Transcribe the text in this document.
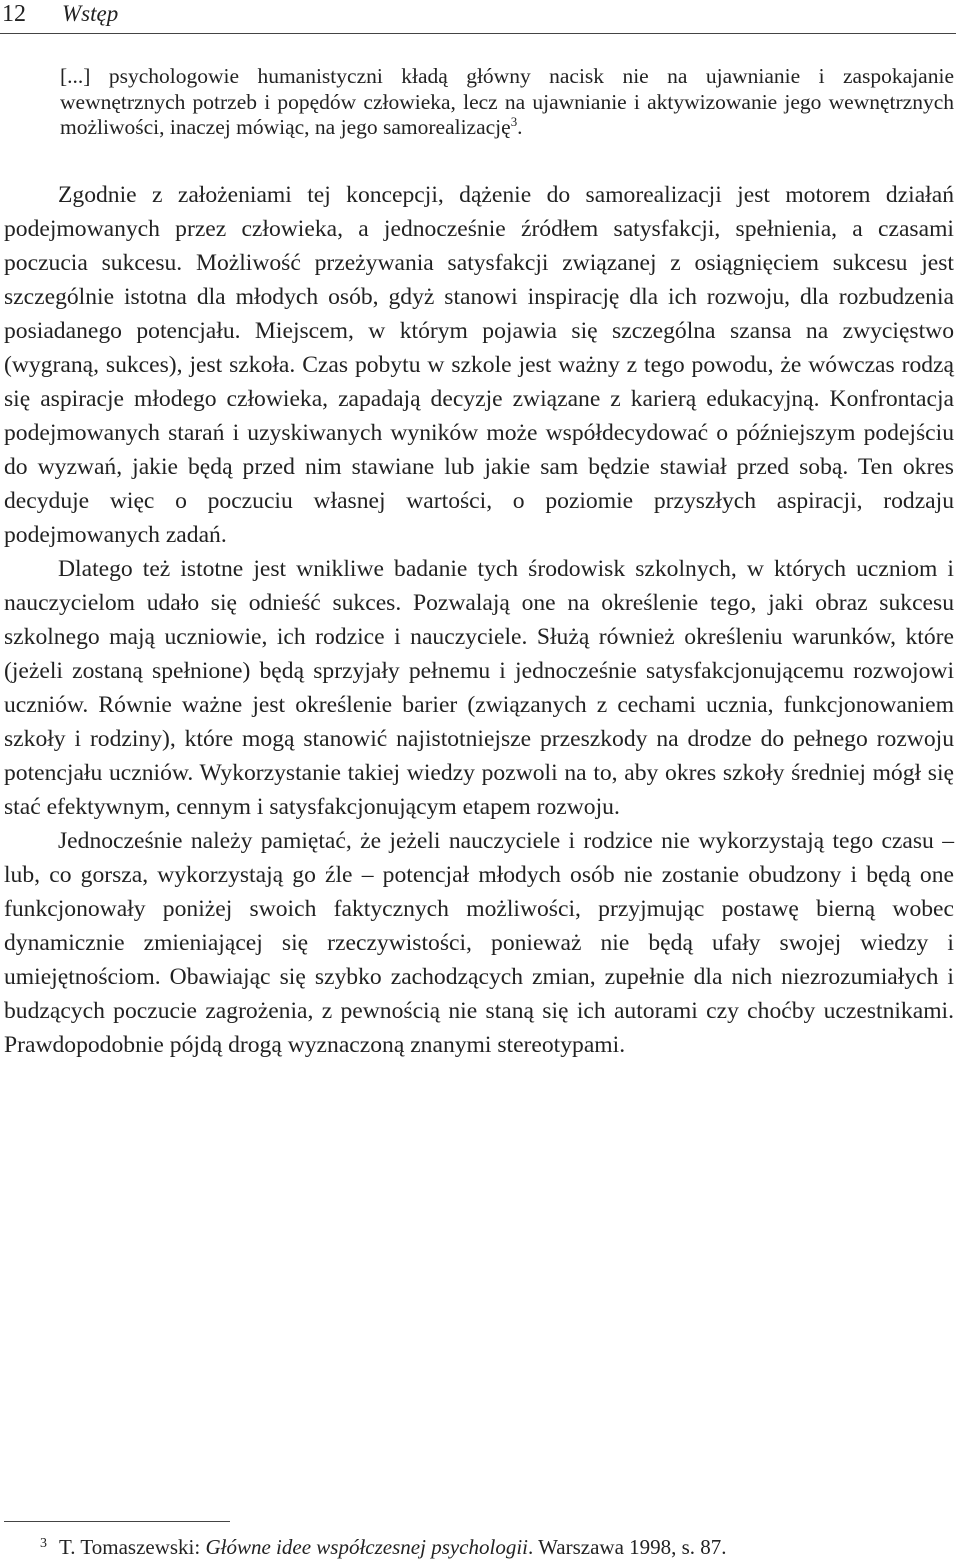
12 Wstęp

[...] psychologowie humanistyczni kładą główny nacisk nie na ujawnianie i zaspokajanie wewnętrznych potrzeb i popędów człowieka, lecz na ujawnianie i aktywizowanie jego wewnętrznych możliwości, inaczej mówiąc, na jego samorealizację$^3$.

Zgodnie z założeniami tej koncepcji, dążenie do samorealizacji jest motorem działań podejmowanych przez człowieka, a jednocześnie źródłem satysfakcji, spełnienia, a czasami poczucia sukcesu. Możliwość przeżywania satysfakcji związanej z osiągnięciem sukcesu jest szczególnie istotna dla młodych osób, gdyż stanowi inspirację dla ich rozwoju, dla rozbudzenia posiadanego potencjału. Miejscem, w którym pojawia się szczególna szansa na zwycięstwo (wygraną, sukces), jest szkoła. Czas pobytu w szkole jest ważny z tego powodu, że wówczas rodzą się aspiracje młodego człowieka, zapadają decyzje związane z karierą edukacyjną. Konfrontacja podejmowanych starań i uzyskiwanych wyników może współdecydować o późniejszym podejściu do wyzwań, jakie będą przed nim stawiane lub jakie sam będzie stawiał przed sobą. Ten okres decyduje więc o poczuciu własnej wartości, o poziomie przyszłych aspiracji, rodzaju podejmowanych zadań.

Dlatego też istotne jest wnikliwe badanie tych środowisk szkolnych, w których uczniom i nauczycielom udało się odnieść sukces. Pozwalają one na określenie tego, jaki obraz sukcesu szkolnego mają uczniowie, ich rodzice i nauczyciele. Służą również określeniu warunków, które (jeżeli zostaną spełnione) będą sprzyjały pełnemu i jednocześnie satysfakcjonującemu rozwojowi uczniów. Równie ważne jest określenie barier (związanych z cechami ucznia, funkcjonowaniem szkoły i rodziny), które mogą stanowić najistotniejsze przeszkody na drodze do pełnego rozwoju potencjału uczniów. Wykorzystanie takiej wiedzy pozwoli na to, aby okres szkoły średniej mógł się stać efektywnym, cennym i satysfakcjonującym etapem rozwoju.

Jednocześnie należy pamiętać, że jeżeli nauczyciele i rodzice nie wykorzystają tego czasu – lub, co gorsza, wykorzystają go źle – potencjał młodych osób nie zostanie obudzony i będą one funkcjonowały poniżej swoich faktycznych możliwości, przyjmując postawę bierną wobec dynamicznie zmieniającej się rzeczywistości, ponieważ nie będą ufały swojej wiedzy i umiejętnościom. Obawiając się szybko zachodzących zmian, zupełnie dla nich niezrozumiałych i budzących poczucie zagrożenia, z pewnością nie staną się ich autorami czy choćby uczestnikami. Prawdopodobnie pójdą drogą wyznaczoną znanymi stereotypami.

$^3$ T. Tomaszewski: Główne idee współczesnej psychologii. Warszawa 1998, s. 87.
